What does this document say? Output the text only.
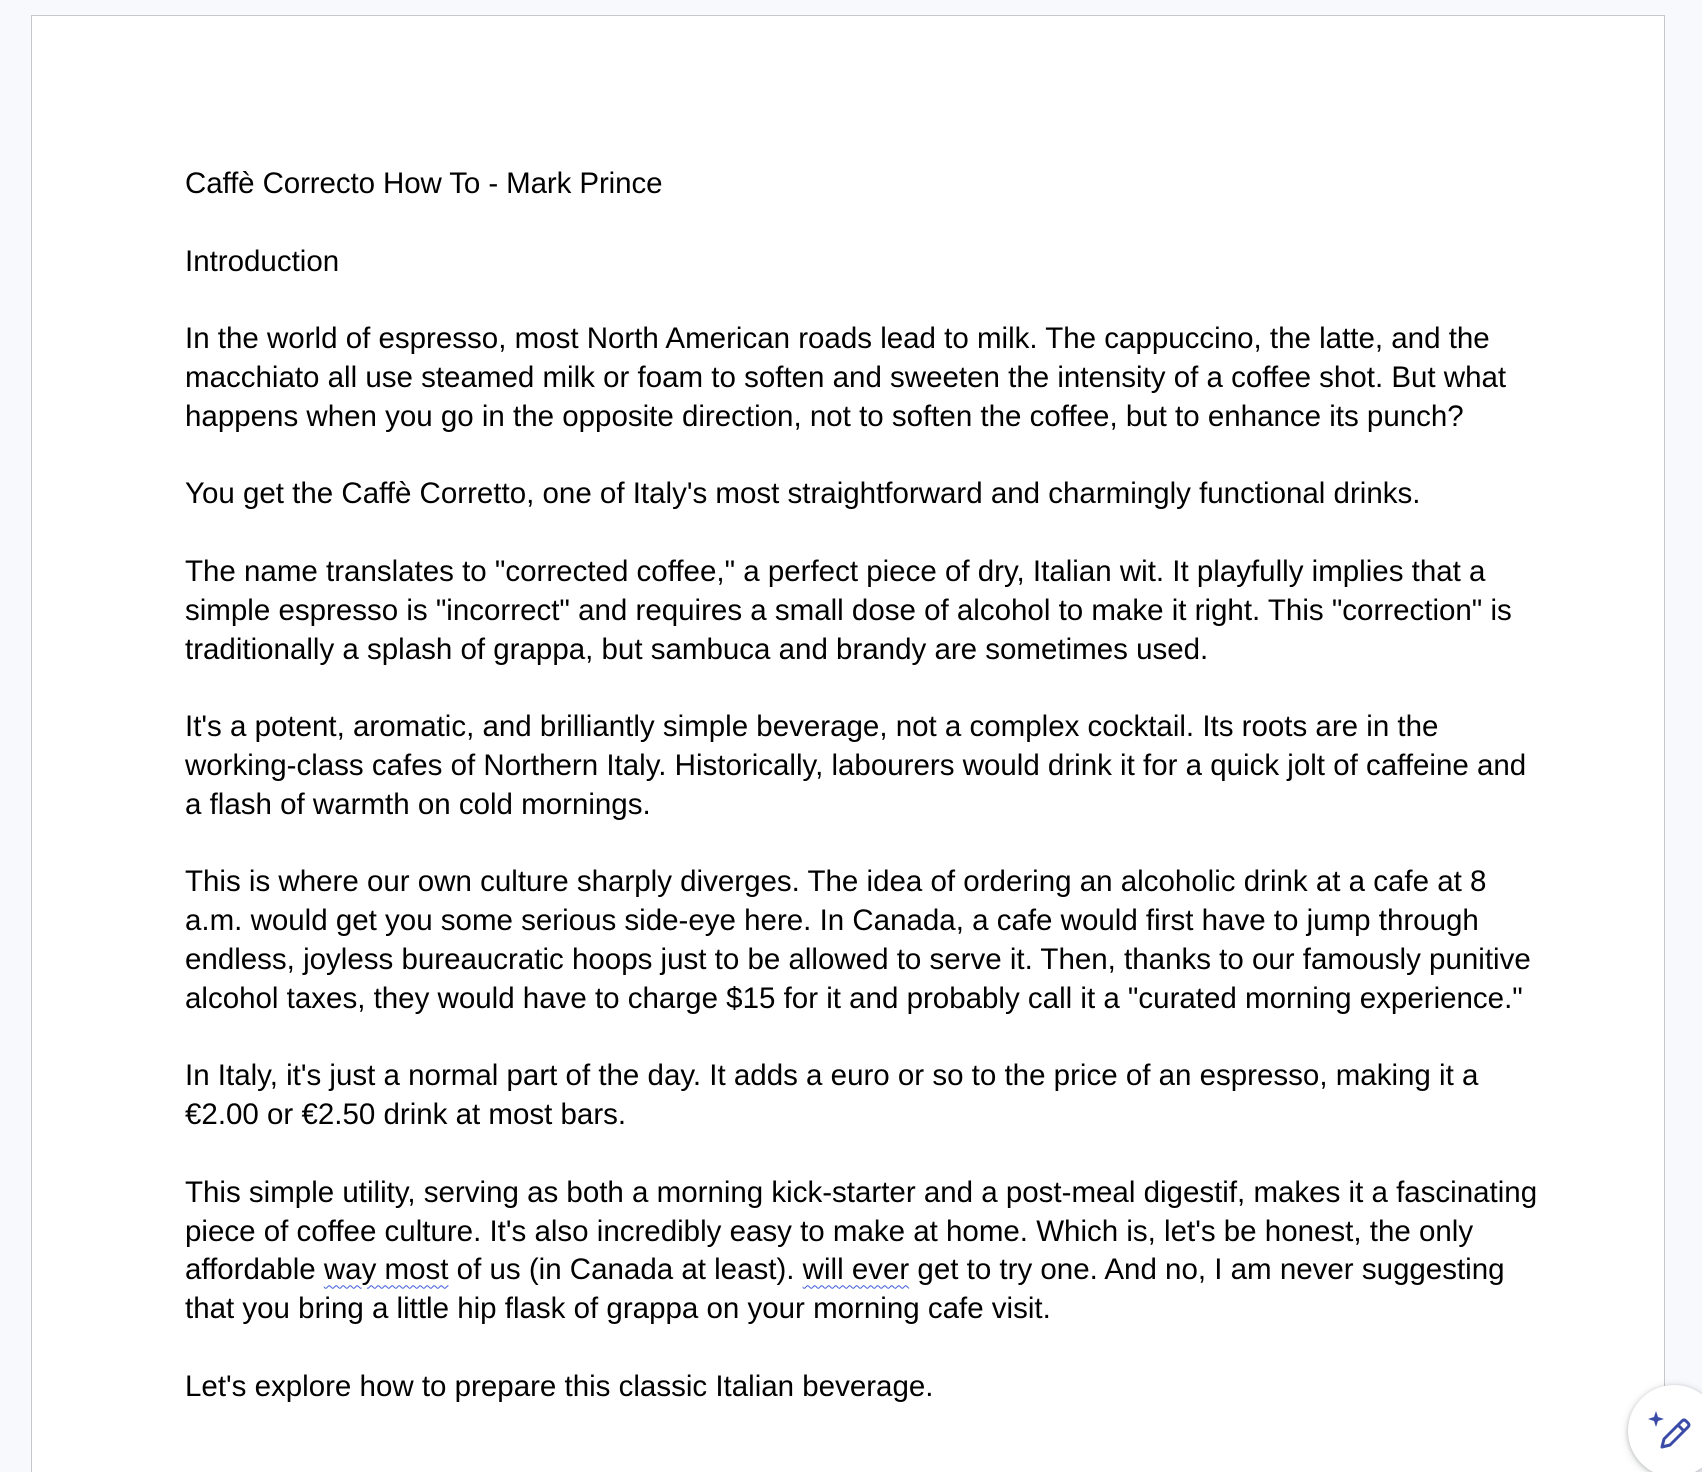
Caffè Correcto How To - Mark Prince

Introduction

In the world of espresso, most North American roads lead to milk. The cappuccino, the latte, and the macchiato all use steamed milk or foam to soften and sweeten the intensity of a coffee shot. But what happens when you go in the opposite direction, not to soften the coffee, but to enhance its punch?

You get the Caffè Corretto, one of Italy's most straightforward and charmingly functional drinks.

The name translates to "corrected coffee," a perfect piece of dry, Italian wit. It playfully implies that a simple espresso is "incorrect" and requires a small dose of alcohol to make it right. This "correction" is traditionally a splash of grappa, but sambuca and brandy are sometimes used.

It's a potent, aromatic, and brilliantly simple beverage, not a complex cocktail. Its roots are in the working-class cafes of Northern Italy. Historically, labourers would drink it for a quick jolt of caffeine and a flash of warmth on cold mornings.

This is where our own culture sharply diverges. The idea of ordering an alcoholic drink at a cafe at 8 a.m. would get you some serious side-eye here. In Canada, a cafe would first have to jump through endless, joyless bureaucratic hoops just to be allowed to serve it. Then, thanks to our famously punitive alcohol taxes, they would have to charge $15 for it and probably call it a "curated morning experience."

In Italy, it's just a normal part of the day. It adds a euro or so to the price of an espresso, making it a €2.00 or €2.50 drink at most bars.

This simple utility, serving as both a morning kick-starter and a post-meal digestif, makes it a fascinating piece of coffee culture. It's also incredibly easy to make at home. Which is, let's be honest, the only affordable way most of us (in Canada at least). will ever get to try one. And no, I am never suggesting that you bring a little hip flask of grappa on your morning cafe visit.

Let's explore how to prepare this classic Italian beverage.
